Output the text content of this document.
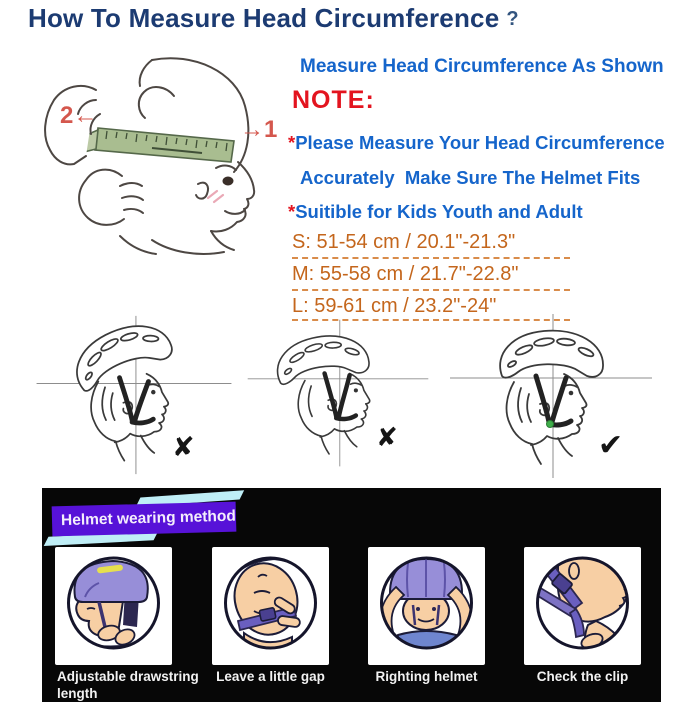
How To Measure Head Circumference ?
2←
→1
Measure Head Circumference As Shown
NOTE:
*Please Measure Your Head Circumference
Accurately  Make Sure The Helmet Fits
*Suitible for Kids Youth and Adult
S: 51-54 cm / 20.1"-21.3"
M: 55-58 cm / 21.7"-22.8"
L: 59-61 cm / 23.2"-24"
✘	✘	✔
Helmet wearing method
Adjustable drawstring length
Leave a little gap	Righting helmet	Check the clip
